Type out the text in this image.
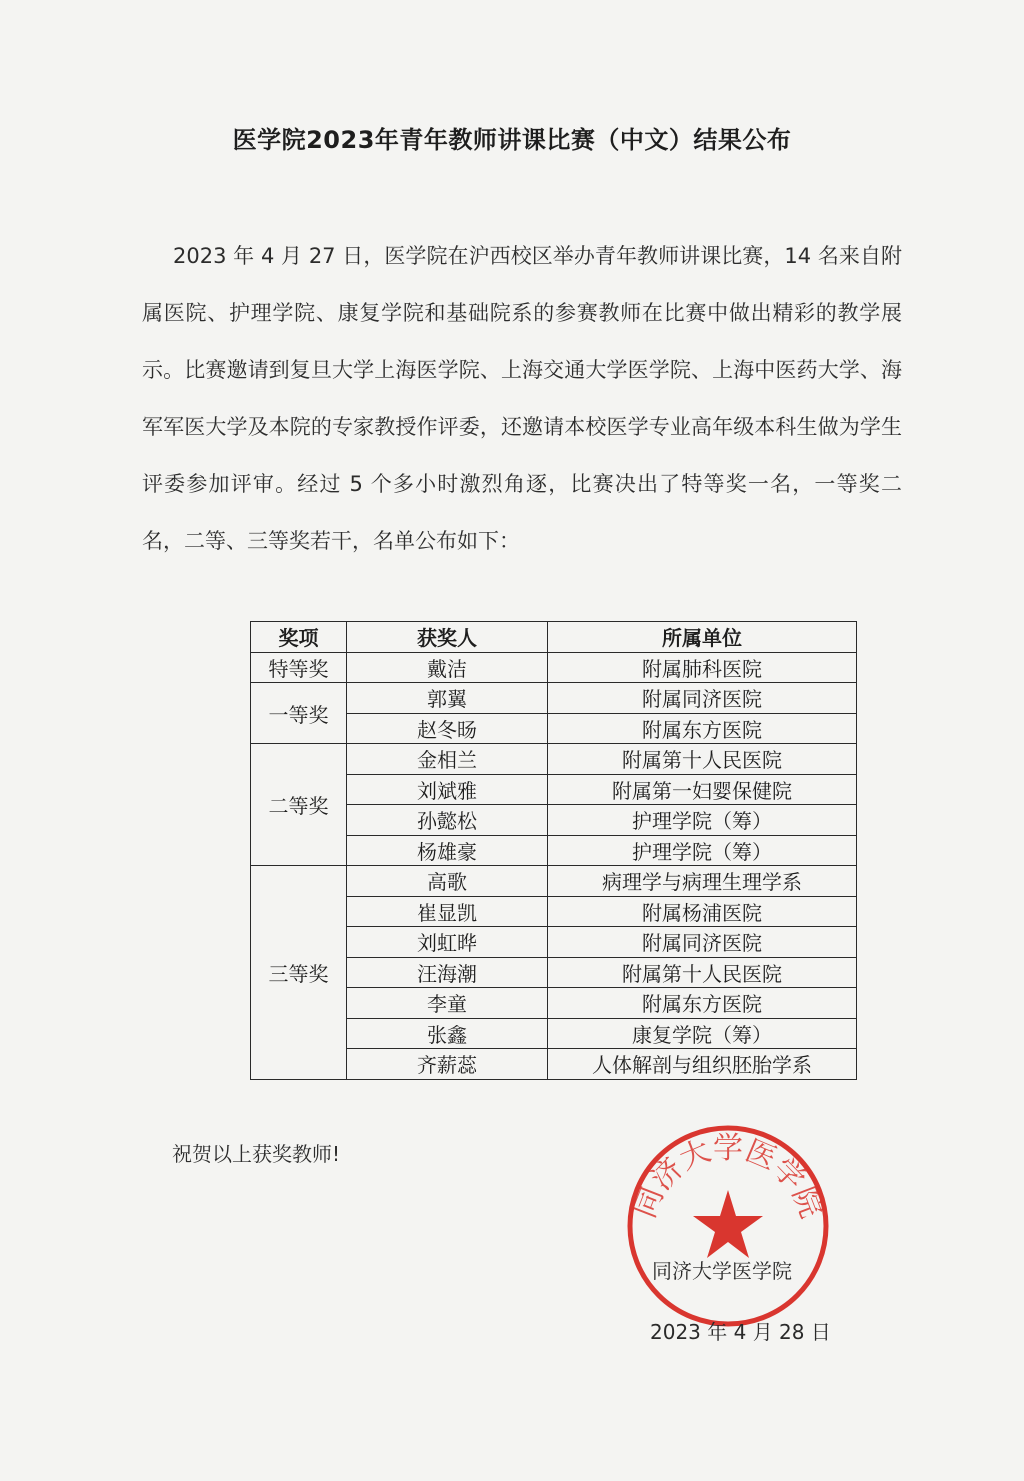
医学院2023年青年教师讲课比赛（中文）结果公布
2023 年 4 月 27 日，医学院在沪西校区举办青年教师讲课比赛，14 名来自附属医院、护理学院、康复学院和基础院系的参赛教师在比赛中做出精彩的教学展示。比赛邀请到复旦大学上海医学院、上海交通大学医学院、上海中医药大学、海军军医大学及本院的专家教授作评委，还邀请本校医学专业高年级本科生做为学生评委参加评审。经过 5 个多小时激烈角逐，比赛决出了特等奖一名，一等奖二名，二等、三等奖若干，名单公布如下：
奖项	获奖人	所属单位
特等奖	戴洁	附属肺科医院
一等奖	郭翼	附属同济医院
	赵冬旸	附属东方医院
二等奖	金相兰	附属第十人民医院
	刘斌雅	附属第一妇婴保健院
	孙懿松	护理学院（筹）
	杨雄豪	护理学院（筹）
三等奖	高歌	病理学与病理生理学系
	崔显凯	附属杨浦医院
	刘虹晔	附属同济医院
	汪海潮	附属第十人民医院
	李童	附属东方医院
	张鑫	康复学院（筹）
	齐薪蕊	人体解剖与组织胚胎学系
祝贺以上获奖教师!
同济大学医学院
同济大学医学院
2023 年 4 月 28 日
